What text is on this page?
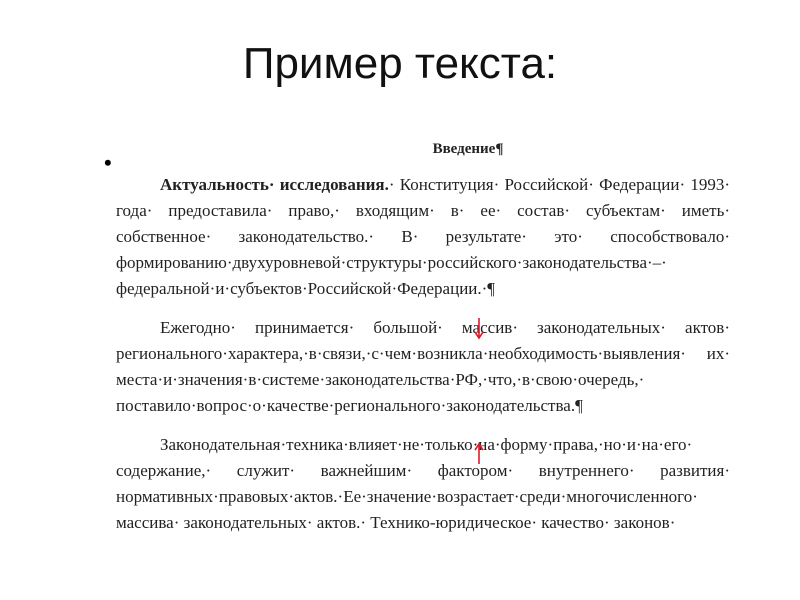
Пример текста:
•
Введение¶

Актуальность· исследования.· Конституция· Российской· Федерации· 1993· года· предоставила· право,· входящим· в· ее· состав· субъектам· иметь· собственное· законодательство.· В· результате· это· способствовало· формированию·двухуровневой·структуры·российского·законодательства·–· федеральной·и·субъектов·Российской·Федерации.·¶

Ежегодно· принимается· большой· массив· законодательных· актов· регионального·характера,·в·связи,·с·чем·возникла·необходимость·выявления· их· места·и·значения·в·системе·законодательства·РФ,·что,·в·свою·очередь,· поставило·вопрос·о·качестве·регионального·законодательства.¶

Законодательная·техника·влияет·не·только·на·форму·права,·но·и·на·его· содержание,· служит· важнейшим· фактором· внутреннего· развития· нормативных·правовых·актов.·Ее·значение·возрастает·среди·многочисленного· массива· законодательных· актов.· Технико-юридическое· качество· законов·
